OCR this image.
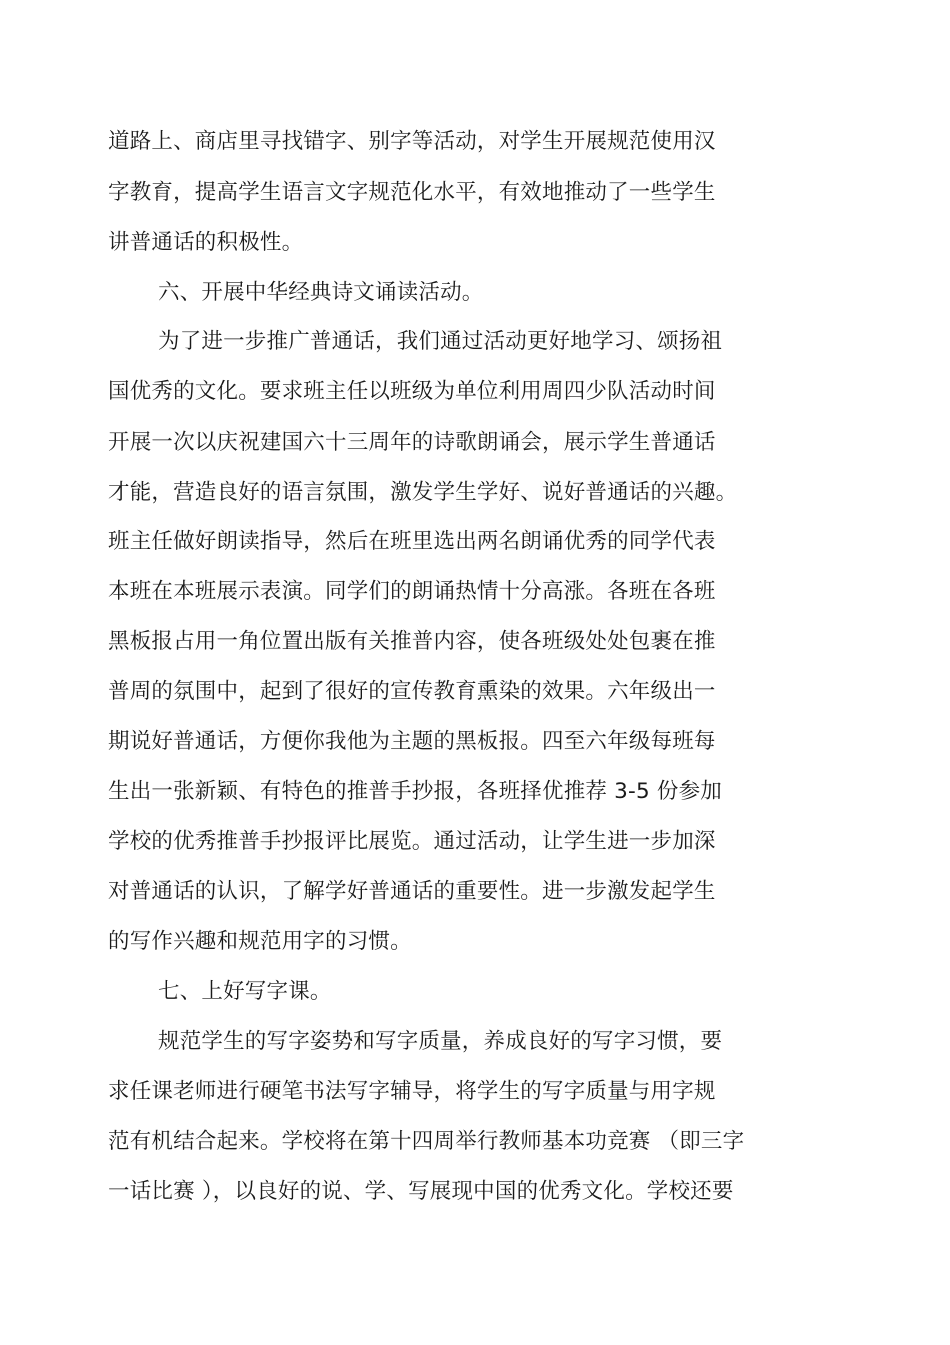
道路上、商店里寻找错字、别字等活动，对学生开展规范使用汉
字教育，提高学生语言文字规范化水平，有效地推动了一些学生
讲普通话的积极性。
六、开展中华经典诗文诵读活动。
为了进一步推广普通话，我们通过活动更好地学习、颂扬祖
国优秀的文化。要求班主任以班级为单位利用周四少队活动时间
开展一次以庆祝建国六十三周年的诗歌朗诵会，展示学生普通话
才能，营造良好的语言氛围，激发学生学好、说好普通话的兴趣。
班主任做好朗读指导，然后在班里选出两名朗诵优秀的同学代表
本班在本班展示表演。同学们的朗诵热情十分高涨。各班在各班
黑板报占用一角位置出版有关推普内容，使各班级处处包裹在推
普周的氛围中，起到了很好的宣传教育熏染的效果。六年级出一
期说好普通话，方便你我他为主题的黑板报。四至六年级每班每
生出一张新颖、有特色的推普手抄报，各班择优推荐 3-5 份参加
学校的优秀推普手抄报评比展览。通过活动，让学生进一步加深
对普通话的认识，了解学好普通话的重要性。进一步激发起学生
的写作兴趣和规范用字的习惯。
七、上好写字课。
规范学生的写字姿势和写字质量，养成良好的写字习惯，要
求任课老师进行硬笔书法写字辅导，将学生的写字质量与用字规
范有机结合起来。学校将在第十四周举行教师基本功竞赛 （即三字
一话比赛 ），以良好的说、学、写展现中国的优秀文化。学校还要
